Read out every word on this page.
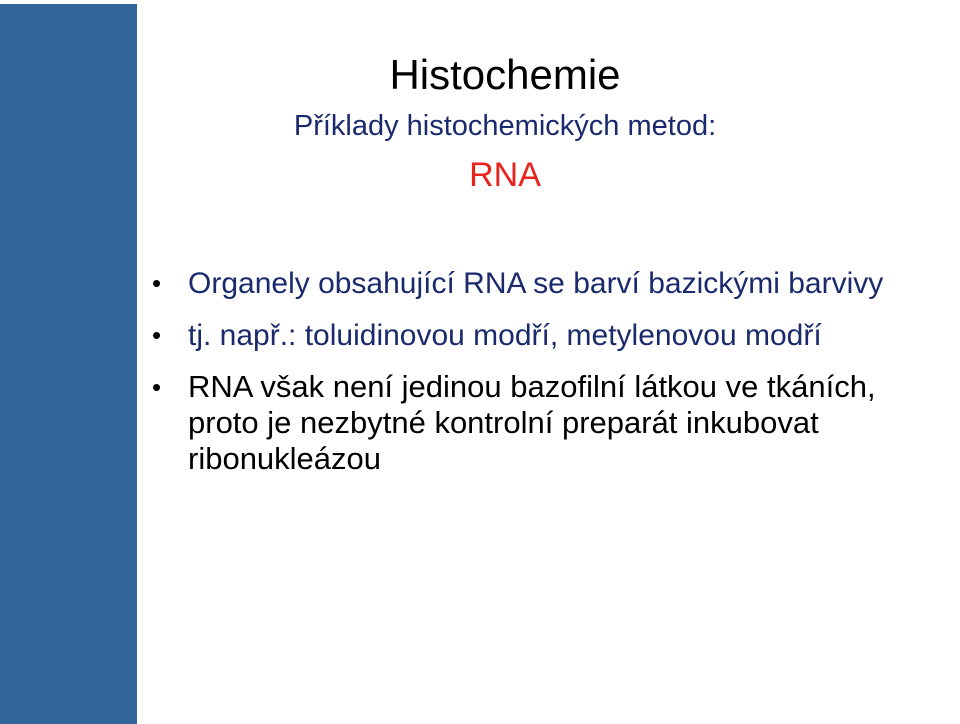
Histochemie
Příklady histochemických metod:
RNA
• Organely obsahující RNA se barví bazickými barvivy
• tj. např.: toluidinovou modří, metylenovou modří
• RNA však není jedinou bazofilní látkou ve tkáních, proto je nezbytné kontrolní preparát inkubovat ribonukleázou
